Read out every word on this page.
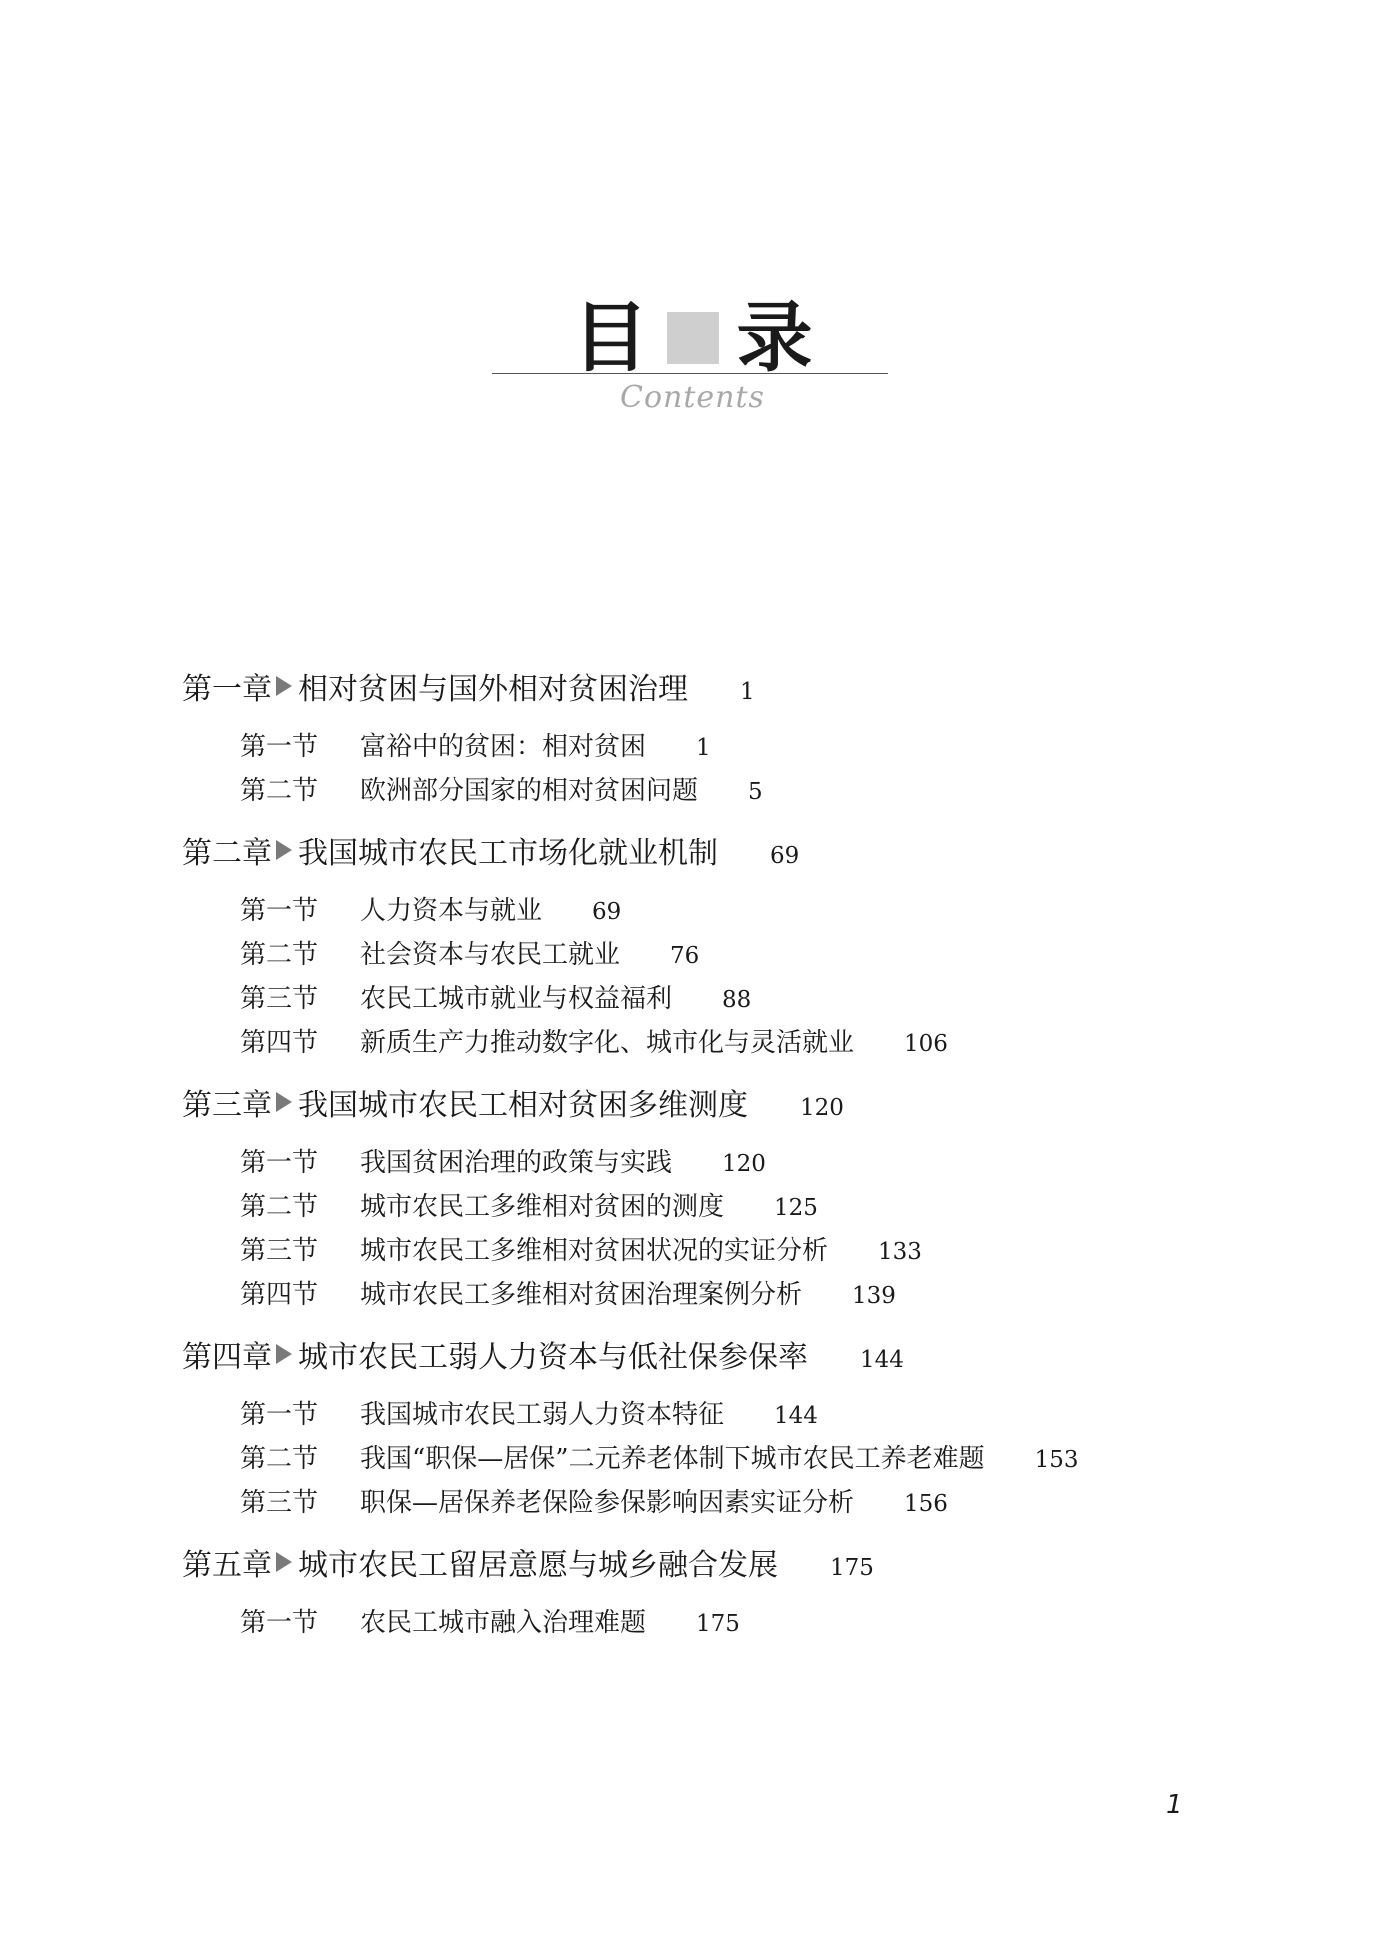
目 录
Contents
第一章 相对贫困与国外相对贫困治理 1
第一节	富裕中的贫困：相对贫困 1
第二节	欧洲部分国家的相对贫困问题 5
第二章 我国城市农民工市场化就业机制 69
第一节	人力资本与就业 69
第二节	社会资本与农民工就业 76
第三节	农民工城市就业与权益福利 88
第四节	新质生产力推动数字化、城市化与灵活就业 106
第三章 我国城市农民工相对贫困多维测度 120
第一节	我国贫困治理的政策与实践 120
第二节	城市农民工多维相对贫困的测度 125
第三节	城市农民工多维相对贫困状况的实证分析 133
第四节	城市农民工多维相对贫困治理案例分析 139
第四章 城市农民工弱人力资本与低社保参保率 144
第一节	我国城市农民工弱人力资本特征 144
第二节	我国“职保—居保”二元养老体制下城市农民工养老难题 153
第三节	职保—居保养老保险参保影响因素实证分析 156
第五章 城市农民工留居意愿与城乡融合发展 175
第一节	农民工城市融入治理难题 175
1
